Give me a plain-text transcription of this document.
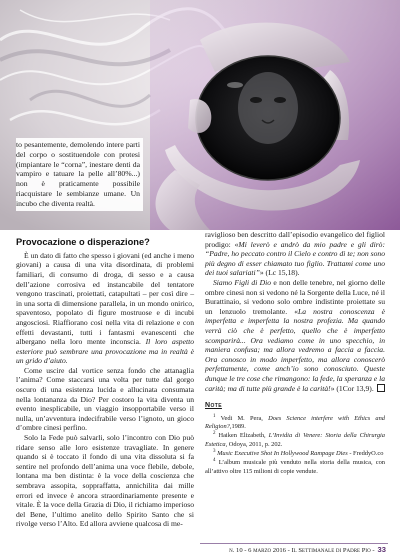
to pesantemente, demolendo intere parti del corpo o sostituendole con protesi (impiantare le “corna”, inestare denti da vampiro e tatuare la pelle all’80%...) non è praticamente possibile riacquistare le sembianze umane. Un incubo che diventa realtà.

Provocazione o disperazione?

È un dato di fatto che spesso i giovani (ed anche i meno giovani) a causa di una vita disordinata, di problemi familiari, di consumo di droga, di sesso e a causa dell’azione corrosiva ed instancabile del tentatore vengono trascinati, proiettati, catapultati – per così dire – in una sorta di dimensione parallela, in un mondo onirico, spaventoso, popolato di figure mostruose e di incubi angosciosi. Riaffiorano così nella vita di relazione e con effetti devastanti, tutti i fantasmi evanescenti che albergano nella loro mente inconscia. Il loro aspetto esteriore può sembrare una provocazione ma in realtà è un grido d’aiuto.

Come uscire dal vortice senza fondo che attanaglia l’anima? Come staccarsi una volta per tutte dal gorgo oscuro di una esistenza lucida e allucinata consumata nella lontananza da Dio? Per costoro la vita diventa un evento inesplicabile, un viaggio insopportabile verso il nulla, un’avventura indecifrabile verso l’ignoto, un gioco d’ombre cinesi perfino.

Solo la Fede può salvarli, solo l’incontro con Dio può ridare senso alle loro esistenze travagliate. In genere quando si è toccato il fondo di una vita dissoluta si fa sentire nel profondo dell’anima una voce flebile, debole, lontana ma ben distinta: è la voce della coscienza che sembrava assopita, soppraffatta, annichilita dai mille errori ed invece è ancora straordinariamente presente e vitale. È la voce della Grazia di Dio, il richiamo imperioso del Bene, l’ultimo anelito dello Spirito Santo che si rivolge verso l’Alto. Ed allora avviene qualcosa di me-

raviglioso ben descritto dall’episodio evangelico del figliol prodigo: «Mi leverò e andrò da mio padre e gli dirò: “Padre, ho peccato contro il Cielo e contro di te; non sono più degno di esser chiamato tuo figlio. Trattami come uno dei tuoi salariati”» (Lc 15,18).

Siamo Figli di Dio e non delle tenebre, nel giorno delle ombre cinesi non si vedono né la Sorgente della Luce, né il Burattinaio, si vedono solo ombre indistinte proiettate su un lenzuolo tremolante. «La nostra conoscenza è imperfetta e imperfetta la nostra profezia. Ma quando verrà ciò che è perfetto, quello che è imperfetto scomparirà... Ora vediamo come in uno specchio, in maniera confusa; ma allora vedremo a faccia a faccia. Ora conosco in modo imperfetto, ma allora conoscerò perfettamente, come anch’io sono conosciuto. Queste dunque le tre cose che rimangono: la fede, la speranza e la carità; ma di tutte più grande è la carità!» (1Cor 13,9).

Note

$^1$ Vedi M. Pera, Does Science interfere with Ethics and Religion?,1989.

$^2$ Haiken Elizabeth, L’Invidia di Venere: Storia della Chirurgia Estetica, Odoya, 2011, p. 202.

$^3$ Music Executive Shot In Hollywood Rampage Dies - FreddyO.co

$^4$ L’album musicale più venduto nella storia della musica, con all’attivo oltre 115 milioni di copie vendute.

n. 10 - 6 marzo 2016 - Il Settimanale di Padre Pio - 33
